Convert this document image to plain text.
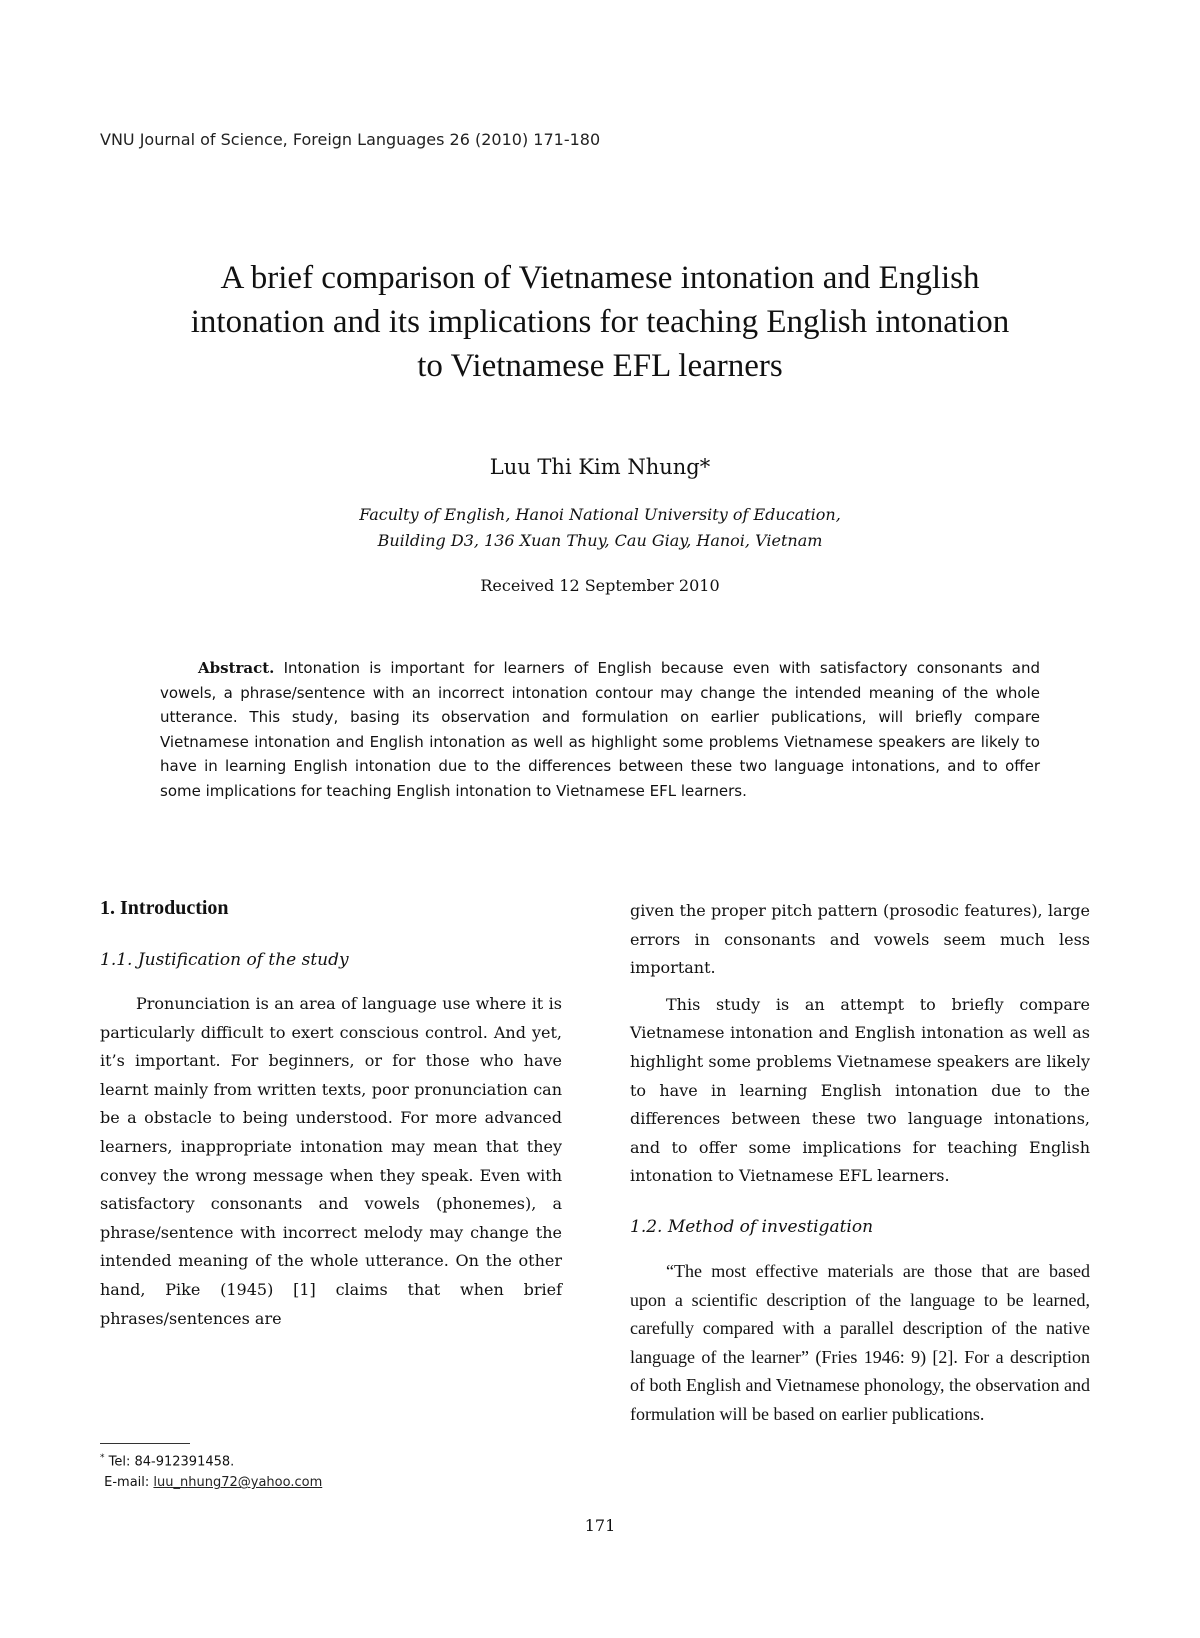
VNU Journal of Science, Foreign Languages 26 (2010) 171-180
A brief comparison of Vietnamese intonation and English
intonation and its implications for teaching English intonation
to Vietnamese EFL learners
Luu Thi Kim Nhung*
Faculty of English, Hanoi National University of Education,
Building D3, 136 Xuan Thuy, Cau Giay, Hanoi, Vietnam
Received 12 September 2010
Abstract. Intonation is important for learners of English because even with satisfactory consonants and vowels, a phrase/sentence with an incorrect intonation contour may change the intended meaning of the whole utterance. This study, basing its observation and formulation on earlier publications, will briefly compare Vietnamese intonation and English intonation as well as highlight some problems Vietnamese speakers are likely to have in learning English intonation due to the differences between these two language intonations, and to offer some implications for teaching English intonation to Vietnamese EFL learners.
1. Introduction
1.1. Justification of the study

Pronunciation is an area of language use where it is particularly difficult to exert conscious control. And yet, it’s important. For beginners, or for those who have learnt mainly from written texts, poor pronunciation can be a obstacle to being understood. For more advanced learners, inappropriate intonation may mean that they convey the wrong message when they speak. Even with satisfactory consonants and vowels (phonemes), a phrase/sentence with incorrect melody may change the intended meaning of the whole utterance. On the other hand, Pike (1945) [1] claims that when brief phrases/sentences are

given the proper pitch pattern (prosodic features), large errors in consonants and vowels seem much less important.

This study is an attempt to briefly compare Vietnamese intonation and English intonation as well as highlight some problems Vietnamese speakers are likely to have in learning English intonation due to the differences between these two language intonations, and to offer some implications for teaching English intonation to Vietnamese EFL learners.

1.2. Method of investigation

“The most effective materials are those that are based upon a scientific description of the language to be learned, carefully compared with a parallel description of the native language of the learner” (Fries 1946: 9) [2]. For a description of both English and Vietnamese phonology, the observation and formulation will be based on earlier publications.

* Tel: 84-912391458.
E-mail: luu_nhung72@yahoo.com
171
